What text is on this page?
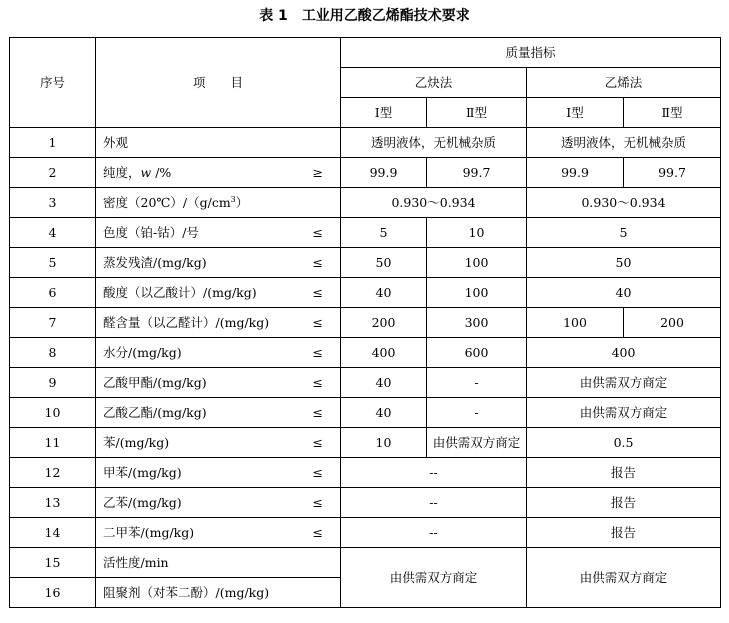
表 1 工业用乙酸乙烯酯技术要求
序号	项　　目	质量指标			
		乙炔法		乙烯法	
		Ⅰ型	Ⅱ型	Ⅰ型	Ⅱ型
1	外观	透明液体，无机械杂质		透明液体，无机械杂质	
2	纯度，w /% ≥	99.9	99.7	99.9	99.7
3	密度$(20℃)/(g/cm^3)$	0.930～0.934		0.930～0.934	
4	色度（铂-钴）/号 ≤	5	10	5	
5	蒸发残渣/(mg/kg) ≤	50	100	50	
6	酸度（以乙酸计）/(mg/kg) ≤	40	100	40	
7	醛含量（以乙醛计）/(mg/kg) ≤	200	300	100	200
8	水分/(mg/kg) ≤	400	600	400	
9	乙酸甲酯/(mg/kg) ≤	40	-	由供需双方商定	
10	乙酸乙酯/(mg/kg) ≤	40	-	由供需双方商定	
11	苯/(mg/kg) ≤	10	由供需双方商定	0.5	
12	甲苯/(mg/kg) ≤	--		报告	
13	乙苯/(mg/kg) ≤	--		报告	
14	二甲苯/(mg/kg) ≤	--		报告	
15	活性度/min	由供需双方商定		由供需双方商定	
16	阻聚剂（对苯二酚）/(mg/kg)				
